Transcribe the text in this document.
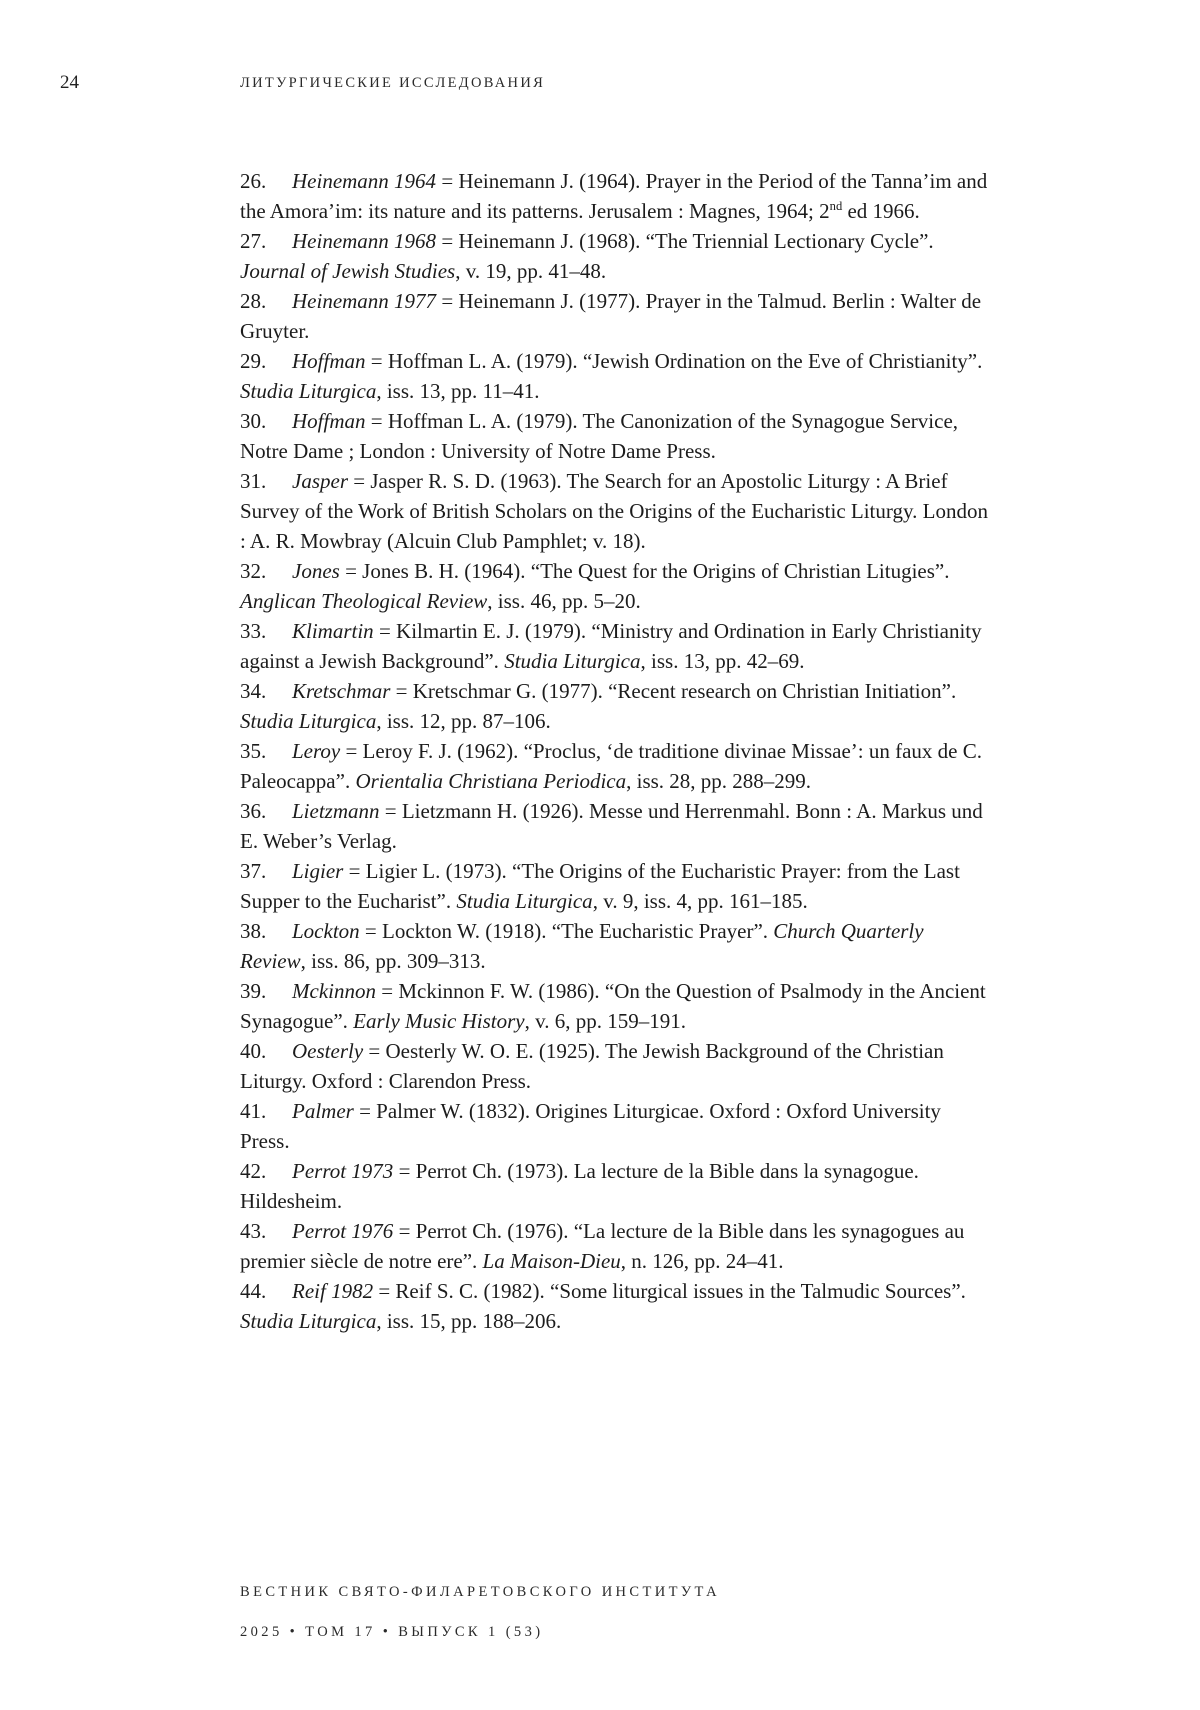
24	ЛИТУРГИЧЕСКИЕ ИССЛЕДОВАНИЯ

26. Heinemann 1964 = Heinemann J. (1964). Prayer in the Period of the Tanna’im and the Amora’im: its nature and its patterns. Jerusalem : Magnes, 1964; 2nd ed 1966.

27. Heinemann 1968 = Heinemann J. (1968). “The Triennial Lectionary Cycle”. Journal of Jewish Studies, v. 19, pp. 41–48.

28. Heinemann 1977 = Heinemann J. (1977). Prayer in the Talmud. Berlin : Walter de Gruyter.

29. Hoffman = Hoffman L. A. (1979). “Jewish Ordination on the Eve of Christianity”. Studia Liturgica, iss. 13, pp. 11–41.

30. Hoffman = Hoffman L. A. (1979). The Canonization of the Synagogue Service, Notre Dame ; London : University of Notre Dame Press.

31. Jasper = Jasper R. S. D. (1963). The Search for an Apostolic Liturgy : A Brief Survey of the Work of British Scholars on the Origins of the Eucharistic Liturgy. London : A. R. Mowbray (Alcuin Club Pamphlet; v. 18).

32. Jones = Jones B. H. (1964). “The Quest for the Origins of Christian Litugies”. Anglican Theological Review, iss. 46, pp. 5–20.

33. Klimartin = Kilmartin E. J. (1979). “Ministry and Ordination in Early Christianity against a Jewish Background”. Studia Liturgica, iss. 13, pp. 42–69.

34. Kretschmar = Kretschmar G. (1977). “Recent research on Christian Initiation”. Studia Liturgica, iss. 12, pp. 87–106.

35. Leroy = Leroy F. J. (1962). “Proclus, ‘de traditione divinae Missae’: un faux de C. Paleocappa”. Orientalia Christiana Periodica, iss. 28, pp. 288–299.

36. Lietzmann = Lietzmann H. (1926). Messe und Herrenmahl. Bonn : A. Markus und E. Weber’s Verlag.

37. Ligier = Ligier L. (1973). “The Origins of the Eucharistic Prayer: from the Last Supper to the Eucharist”. Studia Liturgica, v. 9, iss. 4, pp. 161–185.

38. Lockton = Lockton W. (1918). “The Eucharistic Prayer”. Church Quarterly Review, iss. 86, pp. 309–313.

39. Mckinnon = Mckinnon F. W. (1986). “On the Question of Psalmody in the Ancient Synagogue”. Early Music History, v. 6, pp. 159–191.

40. Oesterly = Oesterly W. O. E. (1925). The Jewish Background of the Christian Liturgy. Oxford : Clarendon Press.

41. Palmer = Palmer W. (1832). Origines Liturgicae. Oxford : Oxford University Press.

42. Perrot 1973 = Perrot Ch. (1973). La lecture de la Bible dans la synagogue. Hildesheim.

43. Perrot 1976 = Perrot Ch. (1976). “La lecture de la Bible dans les synagogues au premier siècle de notre ere”. La Maison-Dieu, n. 126, pp. 24–41.

44. Reif 1982 = Reif S. C. (1982). “Some liturgical issues in the Talmudic Sources”. Studia Liturgica, iss. 15, pp. 188–206.

ВЕСТНИК СВЯТО-ФИЛАРЕТОВСКОГО ИНСТИТУТА
2025 • ТОМ 17 • ВЫПУСК 1 (53)
